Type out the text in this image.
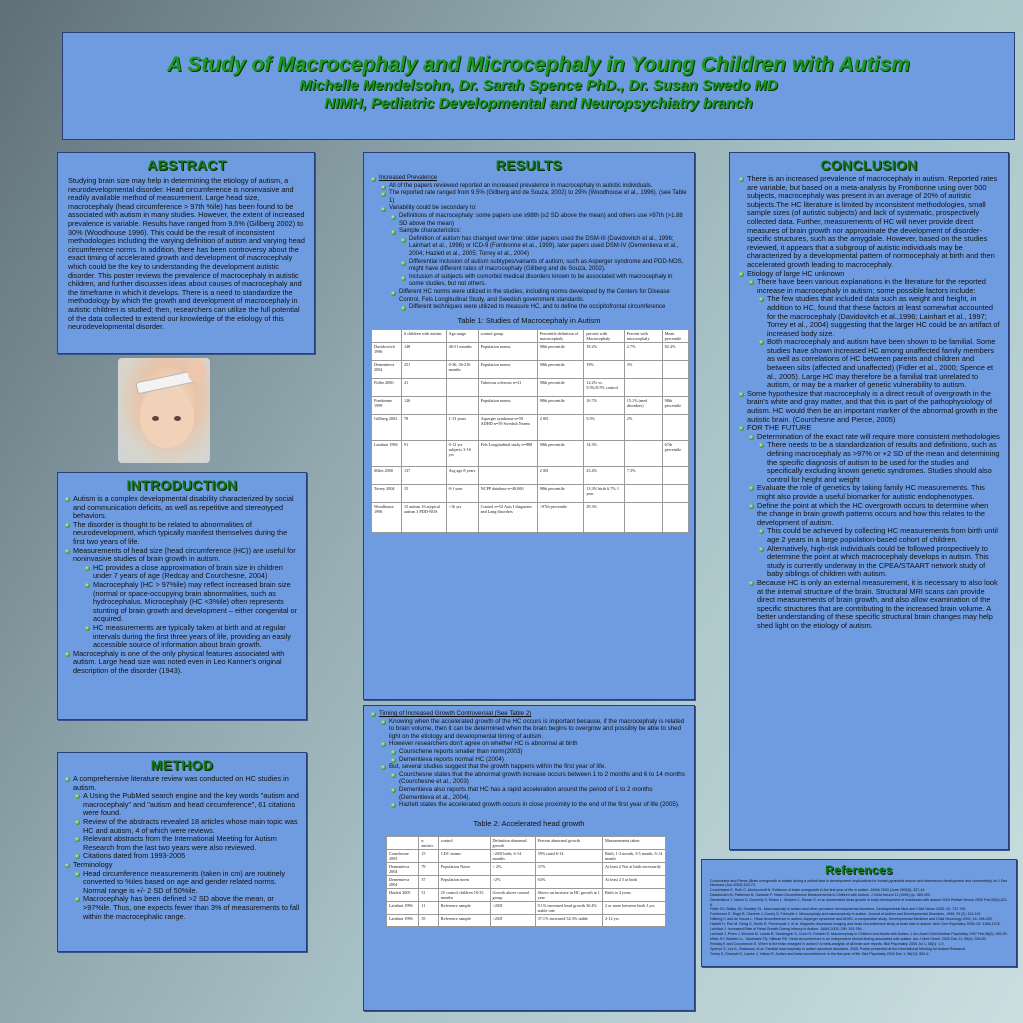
A Study of Macrocephaly and Microcephaly in Young Children with Autism
Michelle Mendelsohn, Dr. Sarah Spence PhD., Dr. Susan Swedo MD
NIMH, Pediatric Developmental and Neuropsychiatry branch
ABSTRACT
Studying brain size may help in determining the etiology of autism, a neurodevelopmental disorder. Head circumference is noninvasive and readily available method of measurement. Large head size, macrocephaly (head circumference > 97th %ile) has been found to be associated with autism in many studies. However, the extent of increased prevalence is variable. Results have ranged from 9.5% (Gillberg 2002) to 30% (Woodhouse 1996). This could be the result of inconsistent methodologies including the varying definition of autism and varying head circumference norms. In addition, there has been controversy about the exact timing of accelerated growth and development of macrocephaly which could be the key to understanding the development autistic disorder. This poster reviews the prevalence of macrocephaly in autistic children, and further discusses ideas about causes of macrocephaly and the timeframe in which it develops. There is a need to standardize the methodology by which the growth and development of macrocephaly in autistic children is studied; then, researchers can utilize the full potential of the data collected to extend our knowledge of the etiology of this neurodevelopmental disorder.
INTRODUCTION
Autism is a complex developmental disability characterized by social and communication deficits, as well as repetitive and stereotyped behaviors.
The disorder is thought to be related to abnormalities of neurodevelopment, which typically manifest themselves during the first two years of life.
Measurements of head size (head circumference (HC)) are useful for noninvasive studies of brain growth in autism.
HC provides a close approximation of brain size in children under 7 years of age (Redcay and Courchesne, 2004)
Macrocephaly (HC > 97%ile) may reflect increased brain size (normal or space-occupying brain abnormalities, such as hydrocephalus. Microcephaly (HC <3%ile) often represents stunting of brain growth and development – either congenital or acquired.
HC measurements are typically taken at birth and at regular intervals during the first three years of life, providing an easily accessible source of information about brain growth.
Macrocephaly is one of the only physical features associated with autism. Large head size was noted even in Leo Kanner's original description of the disorder (1943).
METHOD
A comprehensive literature review was conducted on HC studies in autism.
A Using the PubMed search engine and the key words "autism and macrocephaly" and "autism and head circumference", 61 citations were found.
Review of the abstracts revealed 18 articles whose main topic was HC and autism, 4 of which were reviews.
Relevant abstracts from the International Meeting for Autism Research from the last two years were also reviewed.
Citations dated from 1993-2005
Terminology
Head circumference measurements (taken in cm) are routinely converted to %iles based on age and gender related norms. Normal range is +/- 2 SD of 50%ile.
Macrocephaly has been defined >2 SD above the mean, or >97%ile. Thus, one expects fewer than 3% of measurements to fall within the macrocephalic range.
RESULTS
Increased Prevalence
All of the papers reviewed reported an increased prevalence in macrocephaly in autistic individuals.
The reported rate ranged from 9.5% (Gillberg and de Souza, 2002) to 29% (Woodhouse et al., 1996). (see Table 1)
Variability could be secondary to:
Definitions of macrocephaly: some papers use ≥98th (≥2 SD above the mean) and others use >97th (>1.88 SD above the mean)
Sample characteristics:
Definition of autism has changed over time: older papers used the DSM-III (Davidovitch et al., 1996; Lainhart et al., 1996) or ICD-9 (Fombonne et al., 1999), later papers used DSM-IV (Dementieva et al., 2004; Hazlett et al., 2005; Torrey et al., 2004)
Differential inclusion of autism subtypes/variants of autism, such as Asperger syndrome and PDD-NOS, might have different rates of macrocephaly (Gillberg and de Souza, 2002).
Inclusion of subjects with comorbid medical disorders known to be associated with macrocephaly in some studies, but not others.
Different HC norms were utilized in the studies, including norms developed by the Centers for Disease Control, Fels Longitudinal Study, and Swedish government standards.
Different techniques were utilized to measure HC, and to define the occipitofrontal circumference
Table 1: Studies of Macrocephaly in Autism
	# children with autism	Age range	control group	Percentile definition of macrocephaly	percent with Macrocephaly	Percent with microcephaly	Mean percentile
Davidovitch 1996	148	46-51 months	Population norms	98th percentile	18.2%	2.7%	82.4%
Dementieva 2004	251	0-36; 36-216 months	Population norms	98th percentile	19%	3%	
Fidler 2000	41		Tuberous sclerosis n=21	98th percentile	12.2% vs. 9.5%/8.5% control		
Fombonne 1999	126		Population norms	98th percentile	16.7%	15.1% (med disorders)	98th percentile
Gillberg 2002	78	1-13 years	Asperger syndrome n=59 ADHD n=59 Swedish Norms	2 SD	9.5%	2%	
Lainhart 1996	91	0-12 yrs subjects 3-16 yrs	Fels Longitudinal study n=888	98th percentile	14.3%		67th percentile
Miles 2000	137	Avg age 8 years		2 SD	23.4%	7.3%	
Torrey 2004	15	0-1 year	NCPP database n=40,000	98th percentile	13.3% birth 6.7% 1 year		
Woodhouse 1996	15 autism 16 atypical autism 3 PDD-NOS	<16 yrs	Control n=52 Axis I diagnoses and Lang disorders	>97th percentile	29.3%		
Timing of Increased Growth Controversial (See Table 2)
Knowing when the accelerated growth of the HC occurs is important because, if the macrocephaly is related to brain volume, then it can be determined when the brain begins to overgrow and possibly be able to shed light on the etiology and developmental timing of autism.
However researchers don't agree on whether HC is abnormal at birth
Courschene reports smaller than norm(2003)
Dementieva reports normal HC (2004)
But, several studies suggest that the growth happens within the first year of life.
Courchesne states that the abnormal growth increase occurs between 1 to 2 months and 6 to 14 months (Courchesne et al., 2003)
Dementieva also reports that HC has a rapid acceleration around the period of 1 to 2 months (Dementieva et al., 2004).
Hazlett states the accelerated growth occurs in close proximity to the end of the first year of life (2005).
Table 2: Accelerated head growth
	n autistic	control	Definition abnormal growth	Percent abnormal growth	Measurements taken
Courchesne 2003	15	CDC norms	>2SD birth; 6-14 months	59% rated 6-14	Birth, 1-2 month, 3-5 month, 6-14 month
Dementieva 2004	79	Population Norm	> 2%	37%	At least 2 Not at birth necessarily
Dementieva 2004	37	Population norm	>2%	63%	At least 2 5 at birth
Hazlett 2005	51	25 control children 18-35 months	Growth above control group	Shows an increase in HC growth at 1 year	Birth to 4 years
Lainhart 1996	11	Reference sample	>2SD	9.1% increased head growth 36.4% stable rate	2 or more between birth 3 yrs
Lainhart 1996	35	Reference sample	>2SD	37.1% increased 54.3% stable	2-12 yrs
CONCLUSION
There is an increased prevalence of macrocephaly in autism. Reported rates are variable, but based on a meta-analysis by Frombonne using over 500 subjects, macrocephaly was present in an average of 20% of autistic subjects.The HC literature is limited by inconsistent methodologies, small sample sizes (of autistic subjects) and lack of systematic, prospectively collected data. Further, measurements of HC will never provide direct measures of brain growth nor approximate the development of disorder-specific structures, such as the amygdale. However, based on the studies reviewed, it appears that a subgroup of autistic individuals may be characterized by a developmental pattern of normocephaly at birth and then accelerated growth leading to macrocephaly.
Etiology of large HC unknown
There have been various explanations in the literature for the reported increase in macrocephaly in autism; some possible factors include:
The few studies that included data such as weight and height, in addition to HC, found that these factors at least somewhat accounted for the macrocephaly (Davidovitch et al.,1996; Lainhart et al., 1997; Torrey et al., 2004) suggesting that the larger HC could be an artifact of increased body size.
Both macrocephaly and autism have been shown to be familial. Some studies have shown increased HC among unaffected family members as well as correlations of HC between parents and children and between sibs (affected and unaffected) (Fidler et al., 2000; Spence et al., 2005). Large HC may therefore be a familial trait unrelated to autism, or may be a marker of genetic vulnerability to autism.
Some hypothesize that macrocephaly is a direct result of overgrowth in the brain's white and gray matter, and that this is part of the pathophysiology of autism. HC would then be an important marker of the abnormal growth in the autistic brain. (Courchesne and Pierce, 2005)
FOR THE FUTURE
Determination of the exact rate will require more consistent methodologies
There needs to be a standardization of results and definitions, such as defining macrocephaly as >97% or +2 SD of the mean and determining the specific diagnosis of autism to be used for the studies and specifically excluding known genetic syndromes. Studies should also control for height and weight
Evaluate the role of genetics by taking family HC measurements. This might also provide a useful biomarker for autistic endophenotypes.
Define the point at which the HC overgrowth occurs to determine when the change in brain growth patterns occurs and how this relates to the development of autism.
This could be achieved by collecting HC measurements from birth until age 2 years in a large population-based cohort of children.
Alternatively, high-risk individuals could be followed prospectively to determine the point at which macrocephaly develops in autism. This study is currently underway in the CPEA/STAART network study of baby siblings of children with autism.
Because HC is only an external measurement, it is necessary to also look at the internal structure of the brain. Structural MRI scans can provide direct measurements of brain growth, and also allow examination of the specific structures that are contributing to the increased brain volume. A better understanding of these specific structural brain changes may help shed light on the etiology of autism.
References
Courchesne and Pierce (Brain overgrowth in autism during a critical time in development: implications for frontal pyramidal neuron and interneuron development and connectivity) Int J Dev Neurosci (Jun-2005) 153-70.
Courchesne E, Ruth C, Akshoomoff N. Evidence of brain overgrowth in the first year of life in autism. JAMA 2003 (June 290(3)): 337-44.
Davidovitch M, Patterson B, Gartside P. Head Circumference Measurements in Children with Autism. J Child Neurol 11 (1996) pp. 389-393.
Dementieva Y, Vance D, Donnelly S, Elston L, Wolpert C, Ravan S, et al. Accelerated head growth in early development of individuals with autism 2004 Pediatr Neurol 2005 Feb;32(2):102-8.
Fidler DJ, Bailey JN, Smalley SL. Macrocephaly in autism and other pervasive developmental disorders. Developmental Med and Child Neuro 2000; 42: 737-740.
Fombonne E, Rogé B, Claverie J, Courty S, Frémolle J. Microcephaly and macrocephaly in autism. Journal of Autism and Developmental Disorders, 1999; 29 (2): 113-119.
Gillberg C and de Souza L. Head circumference in autism, Asperger syndrome and ADHD: a comparative study. Developmental Medicine and Child Neurology 2002; 44: 296-300.
Hazlett H, Poe M, Gerig G, Smith R, Provenzale J, et al. Magnetic resonance imaging and head circumference study of brain size in autism. Arch Gen Psychiatry 2005; 62: 1366-1376.
Lainhart J. Increased Rate of Head Growth During Infancy in Autism. JAMA 2003; 290: 393-394.
Lainhart J, Piven J, Wzorek M, Landa R, Santangelo S, Coon H, Folstein S. Macrocephaly in Children and Adults with Autism. J Am Acad Child Adolesc Psychiatry 1997 Feb;36(2): 282-90.
Miles JH, Hadden LL, Takahashi TN, Hillman RE. Head circumference is an independent clinical finding associated with autism. Am J Med Genet. 2000 Dec 11; 95(4): 339-50.
Redcay E and Courchesne E. When is the brain enlarged in autism? A meta-analysis of all brain size reports. Biol Psychiatry. 2005 Jul 1; 58(1): 1-9.
Spence S, Lee A, Zlatanova, et al. Familial macrocephaly in autism spectrum disorders. 2005. Poster presented at the International Meeting for Autism Research.
Torrey E, Dhavale D, Lawlor J, Yolken R. Autism and head circumference in the first year of life. Biol Psychiatry 2004 Dec 1; 56(11): 892-4.
